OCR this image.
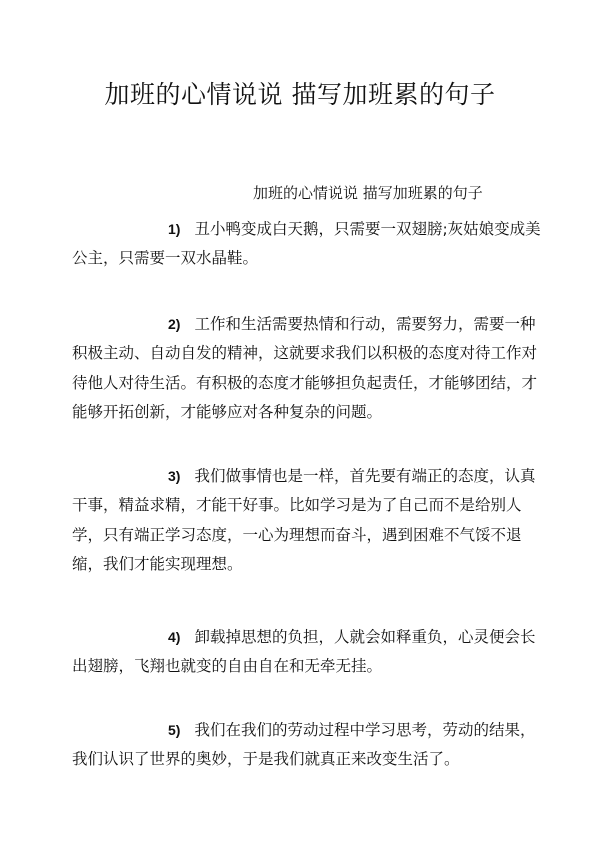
加班的心情说说 描写加班累的句子
加班的心情说说 描写加班累的句子

1) 丑小鸭变成白天鹅，只需要一双翅膀;灰姑娘变成美公主，只需要一双水晶鞋。

2) 工作和生活需要热情和行动，需要努力，需要一种积极主动、自动自发的精神，这就要求我们以积极的态度对待工作对待他人对待生活。有积极的态度才能够担负起责任，才能够团结，才能够开拓创新，才能够应对各种复杂的问题。

3) 我们做事情也是一样，首先要有端正的态度，认真干事，精益求精，才能干好事。比如学习是为了自己而不是给别人学，只有端正学习态度，一心为理想而奋斗，遇到困难不气馁不退缩，我们才能实现理想。

4) 卸载掉思想的负担，人就会如释重负，心灵便会长出翅膀，飞翔也就变的自由自在和无牵无挂。

5) 我们在我们的劳动过程中学习思考，劳动的结果，我们认识了世界的奥妙，于是我们就真正来改变生活了。
